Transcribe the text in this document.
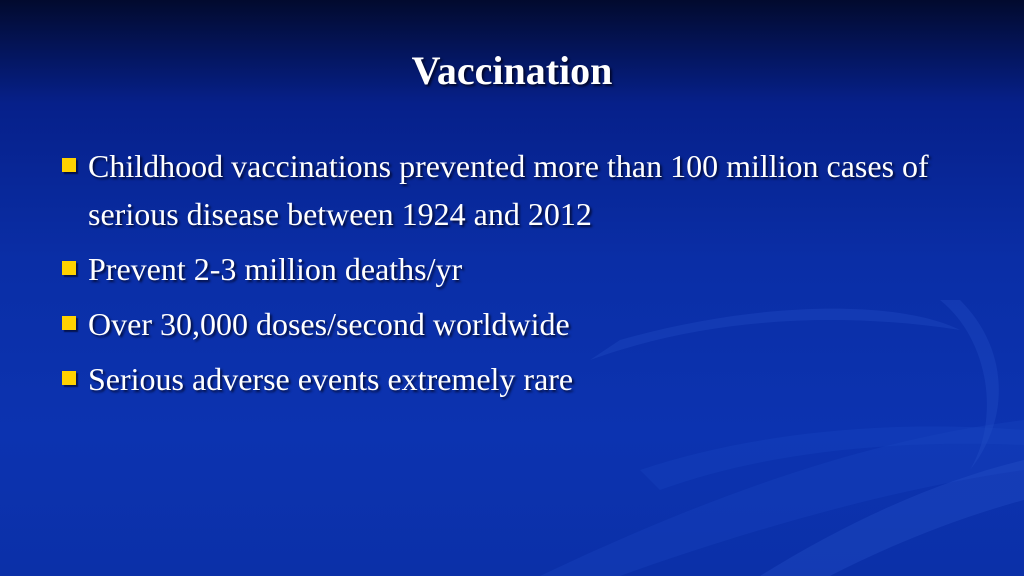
Vaccination
Childhood vaccinations prevented more than 100 million cases of serious disease between 1924 and 2012
Prevent 2-3 million deaths/yr
Over 30,000 doses/second worldwide
Serious adverse events extremely rare
